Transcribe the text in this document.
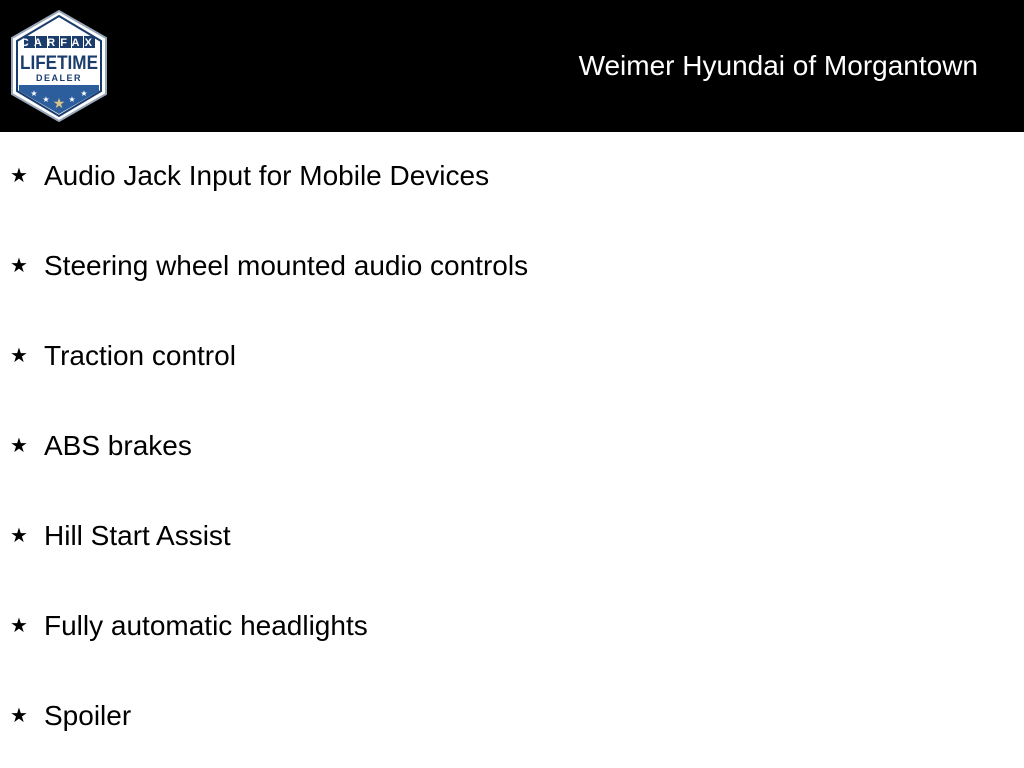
CARFAX
LIFETIME
DEALER
★
★ ★
★
★
Weimer Hyundai of Morgantown
★ Audio Jack Input for Mobile Devices
★ Steering wheel mounted audio controls
★ Traction control
★ ABS brakes
★ Hill Start Assist
★ Fully automatic headlights
★ Spoiler
